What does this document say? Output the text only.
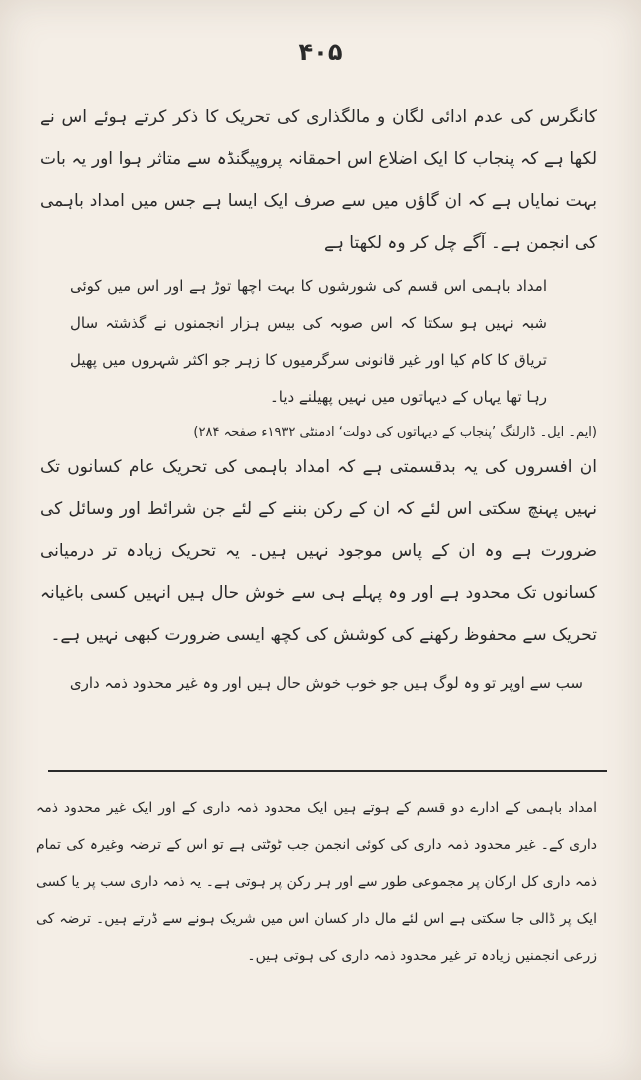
۴۰۵

کانگرس کی عدم ادائی لگان و مالگذاری کی تحریک کا ذکر کرتے ہوئے اس نے لکھا ہے کہ پنجاب کا ایک اضلاع اس احمقانہ پروپیگنڈہ سے متاثر ہوا اور یہ بات بہت نمایاں ہے کہ ان گاؤں میں سے صرف ایک ایسا ہے جس میں امداد باہمی کی انجمن ہے۔ آگے چل کر وہ لکھتا ہے

امداد باہمی اس قسم کی شورشوں کا بہت اچھا توڑ ہے اور اس میں کوئی شبہ نہیں ہو سکتا کہ اس صوبہ کی بیس ہزار انجمنوں نے گذشتہ سال تریاق کا کام کیا اور غیر قانونی سرگرمیوں کا زہر جو اکثر شہروں میں پھیل رہا تھا یہاں کے دیہاتوں میں نہیں پھیلنے دیا۔

(ایم۔ ایل۔ ڈارلنگ ’پنجاب کے دیہاتوں کی دولت‘ ادمنٹی ۱۹۳۲ء صفحہ ۲۸۴)

ان افسروں کی یہ بدقسمتی ہے کہ امداد باہمی کی تحریک عام کسانوں تک نہیں پہنچ سکتی اس لئے کہ ان کے رکن بننے کے لئے جن شرائط اور وسائل کی ضرورت ہے وہ ان کے پاس موجود نہیں ہیں۔ یہ تحریک زیادہ تر درمیانی کسانوں تک محدود ہے اور وہ پہلے ہی سے خوش حال ہیں انہیں کسی باغیانہ تحریک سے محفوظ رکھنے کی کوشش کی کچھ ایسی ضرورت کبھی نہیں ہے۔

سب سے اوپر تو وہ لوگ ہیں جو خوب خوش حال ہیں اور وہ غیر محدود ذمہ داری

امداد باہمی کے ادارے دو قسم کے ہوتے ہیں ایک محدود ذمہ داری کے اور ایک غیر محدود ذمہ داری کے۔ غیر محدود ذمہ داری کی کوئی انجمن جب ٹوٹتی ہے تو اس کے ترضہ وغیرہ کی تمام ذمہ داری کل ارکان پر مجموعی طور سے اور ہر رکن پر ہوتی ہے۔ یہ ذمہ داری سب پر یا کسی ایک پر ڈالی جا سکتی ہے اس لئے مال دار کسان اس میں شریک ہونے سے ڈرتے ہیں۔ ترضہ کی زرعی انجمنیں زیادہ تر غیر محدود ذمہ داری کی ہوتی ہیں۔
